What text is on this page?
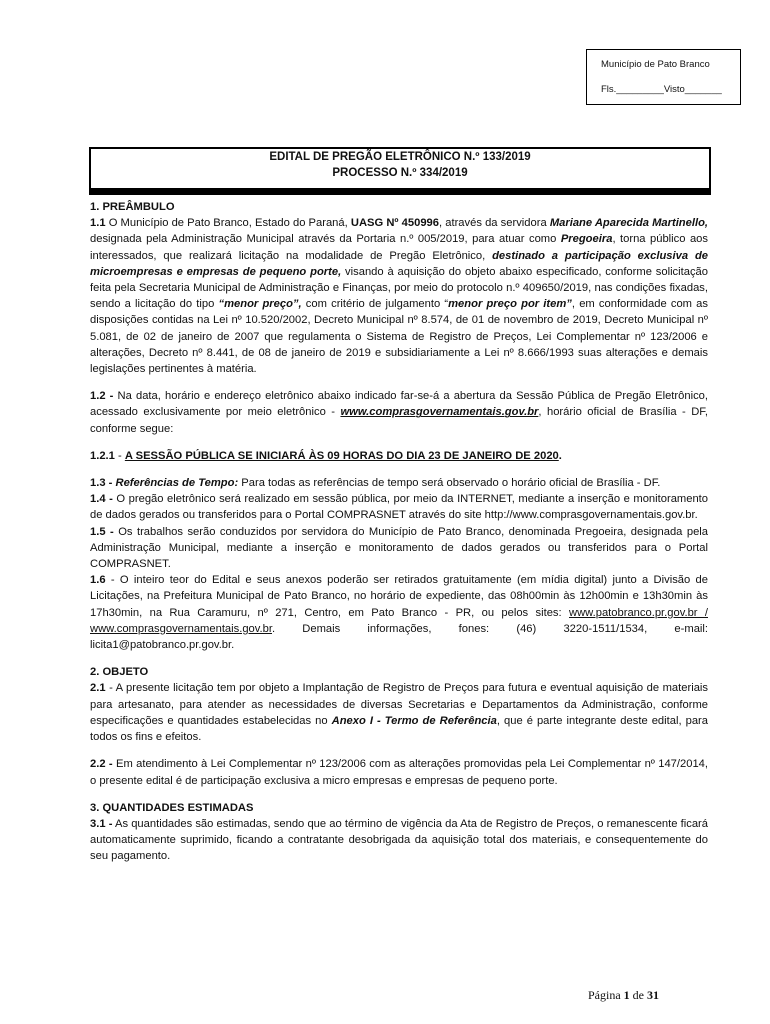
Município de Pato Branco
Fls._________Visto_______
EDITAL DE PREGÃO ELETRÔNICO N.º 133/2019
PROCESSO N.º 334/2019

1. PREÂMBULO

1.1 O Município de Pato Branco, Estado do Paraná, UASG Nº 450996, através da servidora Mariane Aparecida Martinello, designada pela Administração Municipal através da Portaria n.º 005/2019, para atuar como Pregoeira, torna público aos interessados, que realizará licitação na modalidade de Pregão Eletrônico, destinado a participação exclusiva de microempresas e empresas de pequeno porte, visando à aquisição do objeto abaixo especificado, conforme solicitação feita pela Secretaria Municipal de Administração e Finanças, por meio do protocolo n.º 409650/2019, nas condições fixadas, sendo a licitação do tipo “menor preço”, com critério de julgamento “menor preço por item”, em conformidade com as disposições contidas na Lei nº 10.520/2002, Decreto Municipal nº 8.574, de 01 de novembro de 2019, Decreto Municipal nº 5.081, de 02 de janeiro de 2007 que regulamenta o Sistema de Registro de Preços, Lei Complementar nº 123/2006 e alterações, Decreto nº 8.441, de 08 de janeiro de 2019 e subsidiariamente a Lei nº 8.666/1993 suas alterações e demais legislações pertinentes à matéria.

1.2 - Na data, horário e endereço eletrônico abaixo indicado far-se-á a abertura da Sessão Pública de Pregão Eletrônico, acessado exclusivamente por meio eletrônico - www.comprasgovernamentais.gov.br, horário oficial de Brasília - DF, conforme segue:

1.2.1 - A SESSÃO PÚBLICA SE INICIARÁ ÀS 09 HORAS DO DIA 23 DE JANEIRO DE 2020.

1.3 - Referências de Tempo: Para todas as referências de tempo será observado o horário oficial de Brasília - DF.

1.4 - O pregão eletrônico será realizado em sessão pública, por meio da INTERNET, mediante a inserção e monitoramento de dados gerados ou transferidos para o Portal COMPRASNET através do site http://www.comprasgovernamentais.gov.br.

1.5 - Os trabalhos serão conduzidos por servidora do Município de Pato Branco, denominada Pregoeira, designada pela Administração Municipal, mediante a inserção e monitoramento de dados gerados ou transferidos para o Portal COMPRASNET.

1.6 - O inteiro teor do Edital e seus anexos poderão ser retirados gratuitamente (em mídia digital) junto a Divisão de Licitações, na Prefeitura Municipal de Pato Branco, no horário de expediente, das 08h00min às 12h00min e 13h30min às 17h30min, na Rua Caramuru, nº 271, Centro, em Pato Branco - PR, ou pelos sites: www.patobranco.pr.gov.br / www.comprasgovernamentais.gov.br. Demais informações, fones: (46) 3220-1511/1534, e-mail: licita1@patobranco.pr.gov.br.

2. OBJETO

2.1 - A presente licitação tem por objeto a Implantação de Registro de Preços para futura e eventual aquisição de materiais para artesanato, para atender as necessidades de diversas Secretarias e Departamentos da Administração, conforme especificações e quantidades estabelecidas no Anexo I - Termo de Referência, que é parte integrante deste edital, para todos os fins e efeitos.

2.2 - Em atendimento à Lei Complementar nº 123/2006 com as alterações promovidas pela Lei Complementar nº 147/2014, o presente edital é de participação exclusiva a micro empresas e empresas de pequeno porte.

3. QUANTIDADES ESTIMADAS

3.1 - As quantidades são estimadas, sendo que ao término de vigência da Ata de Registro de Preços, o remanescente ficará automaticamente suprimido, ficando a contratante desobrigada da aquisição total dos materiais, e consequentemente do seu pagamento.

Página 1 de 31
